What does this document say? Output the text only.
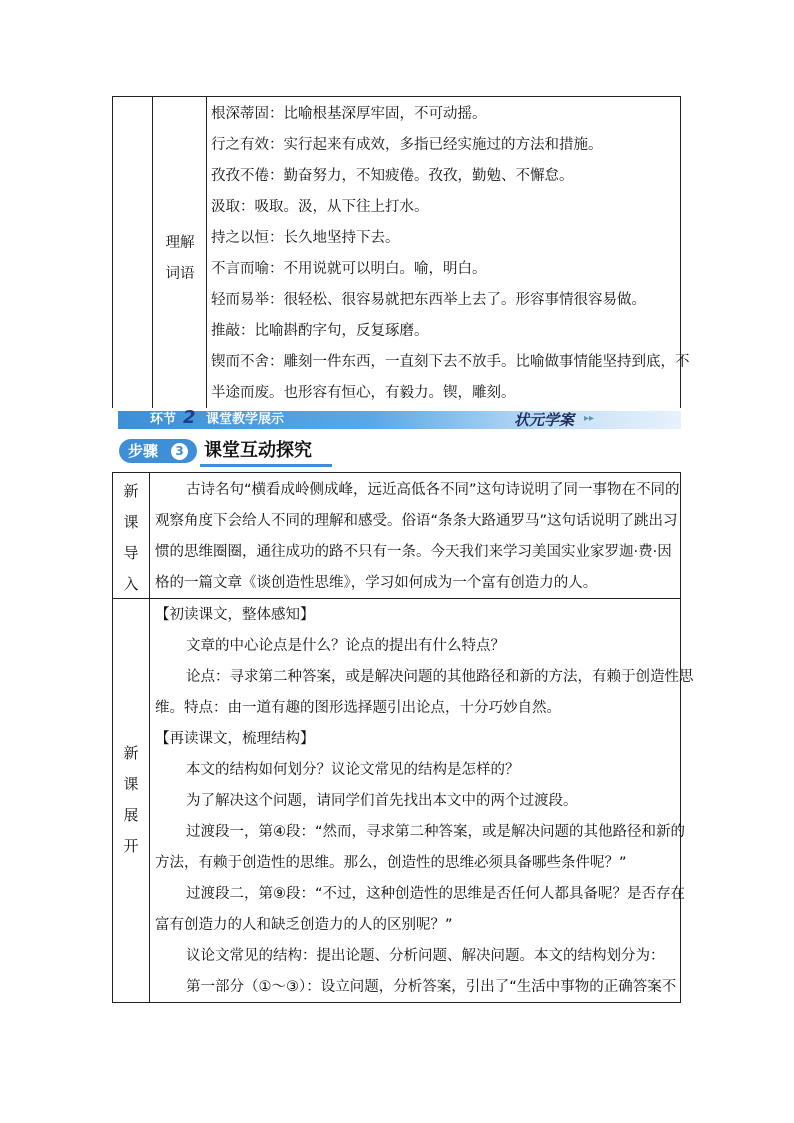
理解
词语
根深蒂固：比喻根基深厚牢固，不可动摇。
行之有效：实行起来有成效，多指已经实施过的方法和措施。
孜孜不倦：勤奋努力，不知疲倦。孜孜，勤勉、不懈怠。
汲取：吸取。汲，从下往上打水。
持之以恒：长久地坚持下去。
不言而喻：不用说就可以明白。喻，明白。
轻而易举：很轻松、很容易就把东西举上去了。形容事情很容易做。
推敲：比喻斟酌字句，反复琢磨。
锲而不舍：雕刻一件东西，一直刻下去不放手。比喻做事情能坚持到底，不
半途而废。也形容有恒心，有毅力。锲，雕刻。
环节 2 课堂教学展示	状元学案 ▸▸
步骤	3 课堂互动探究
新
课
导
入
古诗名句“横看成岭侧成峰，远近高低各不同”这句诗说明了同一事物在不同的
观察角度下会给人不同的理解和感受。俗语“条条大路通罗马”这句话说明了跳出习
惯的思维圈圈，通往成功的路不只有一条。今天我们来学习美国实业家罗迦·费·因
格的一篇文章《谈创造性思维》，学习如何成为一个富有创造力的人。
新
课
展
开
【初读课文，整体感知】
文章的中心论点是什么？论点的提出有什么特点？
论点：寻求第二种答案，或是解决问题的其他路径和新的方法，有赖于创造性思
维。特点：由一道有趣的图形选择题引出论点，十分巧妙自然。
【再读课文，梳理结构】
本文的结构如何划分？议论文常见的结构是怎样的？
为了解决这个问题，请同学们首先找出本文中的两个过渡段。
过渡段一，第④段：“然而，寻求第二种答案，或是解决问题的其他路径和新的
方法，有赖于创造性的思维。那么，创造性的思维必须具备哪些条件呢？”
过渡段二，第⑨段：“不过，这种创造性的思维是否任何人都具备呢？是否存在
富有创造力的人和缺乏创造力的人的区别呢？”
议论文常见的结构：提出论题、分析问题、解决问题。本文的结构划分为：
第一部分（①～③）：设立问题，分析答案，引出了“生活中事物的正确答案不
